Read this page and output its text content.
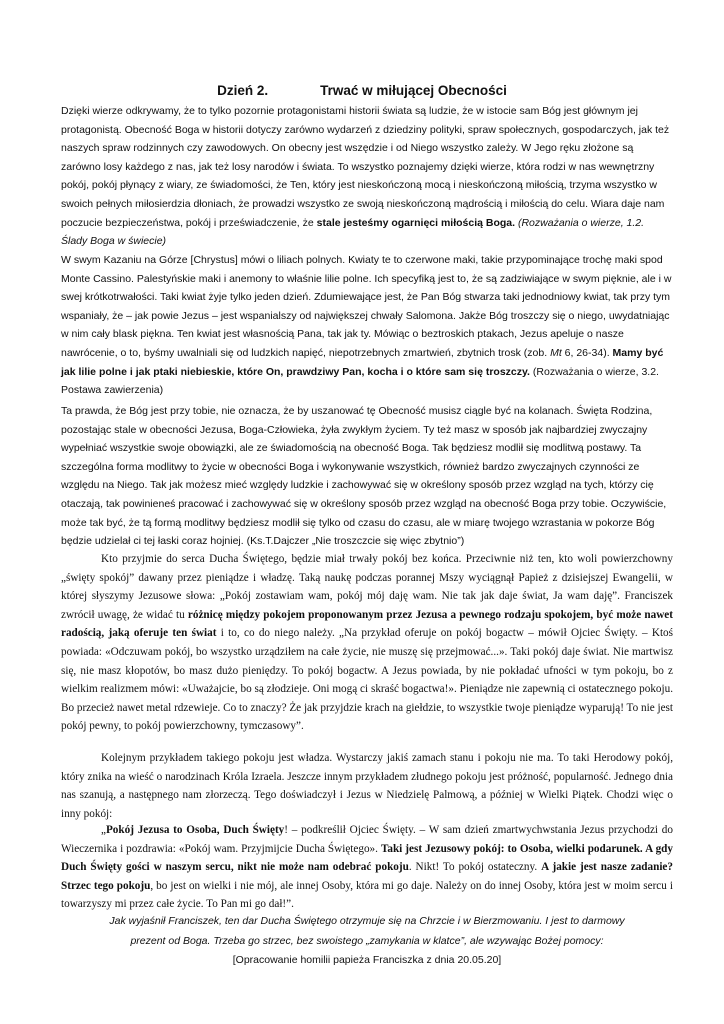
Dzień 2.	Trwać w miłującej Obecności
Dzięki wierze odkrywamy, że to tylko pozornie protagonistami historii świata są ludzie, że w istocie sam Bóg jest głównym jej protagonistą. Obecność Boga w historii dotyczy zarówno wydarzeń z dziedziny polityki, spraw społecznych, gospodarczych, jak też naszych spraw rodzinnych czy zawodowych. On obecny jest wszędzie i od Niego wszystko zależy. W Jego ręku złożone są zarówno losy każdego z nas, jak też losy narodów i świata. To wszystko poznajemy dzięki wierze, która rodzi w nas wewnętrzny pokój, pokój płynący z wiary, ze świadomości, że Ten, który jest nieskończoną mocą i nieskończoną miłością, trzyma wszystko w swoich pełnych miłosierdzia dłoniach, że prowadzi wszystko ze swoją nieskończoną mądrością i miłością do celu. Wiara daje nam poczucie bezpieczeństwa, pokój i przeświadczenie, że stale jesteśmy ogarnięci miłością Boga. (Rozważania o wierze, 1.2. Ślady Boga w świecie)
W swym Kazaniu na Górze [Chrystus] mówi o liliach polnych. Kwiaty te to czerwone maki, takie przypominające trochę maki spod Monte Cassino. Palestyńskie maki i anemony to właśnie lilie polne. Ich specyfiką jest to, że są zadziwiające w swym pięknie, ale i w swej krótkotrwałości. Taki kwiat żyje tylko jeden dzień. Zdumiewające jest, że Pan Bóg stwarza taki jednodniowy kwiat, tak przy tym wspaniały, że – jak powie Jezus – jest wspanialszy od największej chwały Salomona. Jakże Bóg troszczy się o niego, uwydatniając w nim cały blask piękna. Ten kwiat jest własnością Pana, tak jak ty. Mówiąc o beztroskich ptakach, Jezus apeluje o nasze nawrócenie, o to, byśmy uwalniali się od ludzkich napięć, niepotrzebnych zmartwień, zbytnich trosk (zob. Mt 6, 26-34). Mamy być jak lilie polne i jak ptaki niebieskie, które On, prawdziwy Pan, kocha i o które sam się troszczy. (Rozważania o wierze, 3.2. Postawa zawierzenia)
Ta prawda, że Bóg jest przy tobie, nie oznacza, że by uszanować tę Obecność musisz ciągle być na kolanach. Święta Rodzina, pozostając stale w obecności Jezusa, Boga-Człowieka, żyła zwykłym życiem. Ty też masz w sposób jak najbardziej zwyczajny wypełniać wszystkie swoje obowiązki, ale ze świadomością na obecność Boga. Tak będziesz modlił się modlitwą postawy. Ta szczególna forma modlitwy to życie w obecności Boga i wykonywanie wszystkich, również bardzo zwyczajnych czynności ze względu na Niego. Tak jak możesz mieć względy ludzkie i zachowywać się w określony sposób przez wzgląd na tych, którzy cię otaczają, tak powinieneś pracować i zachowywać się w określony sposób przez wzgląd na obecność Boga przy tobie. Oczywiście, może tak być, że tą formą modlitwy będziesz modlił się tylko od czasu do czasu, ale w miarę twojego wzrastania w pokorze Bóg będzie udzielał ci tej łaski coraz hojniej. (Ks.T.Dajczer „Nie troszczcie się więc zbytnio”)
Kto przyjmie do serca Ducha Świętego, będzie miał trwały pokój bez końca. Przeciwnie niż ten, kto woli powierzchowny „święty spokój” dawany przez pieniądze i władzę. Taką naukę podczas porannej Mszy wyciągnął Papież z dzisiejszej Ewangelii, w której słyszymy Jezusowe słowa: „Pokój zostawiam wam, pokój mój daję wam. Nie tak jak daje świat, Ja wam daję”. Franciszek zwrócił uwagę, że widać tu różnicę między pokojem proponowanym przez Jezusa a pewnego rodzaju spokojem, być może nawet radością, jaką oferuje ten świat i to, co do niego należy. „Na przykład oferuje on pokój bogactw – mówił Ojciec Święty. – Ktoś powiada: «Odczuwam pokój, bo wszystko urządziłem na całe życie, nie muszę się przejmować...». Taki pokój daje świat. Nie martwisz się, nie masz kłopotów, bo masz dużo pieniędzy. To pokój bogactw. A Jezus powiada, by nie pokładać ufności w tym pokoju, bo z wielkim realizmem mówi: «Uważajcie, bo są złodzieje. Oni mogą ci skraść bogactwa!». Pieniądze nie zapewnią ci ostatecznego pokoju. Bo przecież nawet metal rdzewieje. Co to znaczy? Że jak przyjdzie krach na giełdzie, to wszystkie twoje pieniądze wyparują! To nie jest pokój pewny, to pokój powierzchowny, tymczasowy”.
Kolejnym przykładem takiego pokoju jest władza. Wystarczy jakiś zamach stanu i pokoju nie ma. To taki Herodowy pokój, który znika na wieść o narodzinach Króla Izraela. Jeszcze innym przykładem złudnego pokoju jest próżność, popularność. Jednego dnia nas szanują, a następnego nam złorzeczą. Tego doświadczył i Jezus w Niedzielę Palmową, a później w Wielki Piątek. Chodzi więc o inny pokój:
„Pokój Jezusa to Osoba, Duch Święty! – podkreślił Ojciec Święty. – W sam dzień zmartwychwstania Jezus przychodzi do Wieczernika i pozdrawia: «Pokój wam. Przyjmijcie Ducha Świętego». Taki jest Jezusowy pokój: to Osoba, wielki podarunek. A gdy Duch Święty gości w naszym sercu, nikt nie może nam odebrać pokoju. Nikt! To pokój ostateczny. A jakie jest nasze zadanie? Strzec tego pokoju, bo jest on wielki i nie mój, ale innej Osoby, która mi go daje. Należy on do innej Osoby, która jest w moim sercu i towarzyszy mi przez całe życie. To Pan mi go dał!”.
Jak wyjaśnił Franciszek, ten dar Ducha Świętego otrzymuje się na Chrzcie i w Bierzmowaniu. I jest to darmowy
prezent od Boga. Trzeba go strzec, bez swoistego „zamykania w klatce”, ale wzywając Bożej pomocy:
[Opracowanie homilii papieża Franciszka z dnia 20.05.20]
